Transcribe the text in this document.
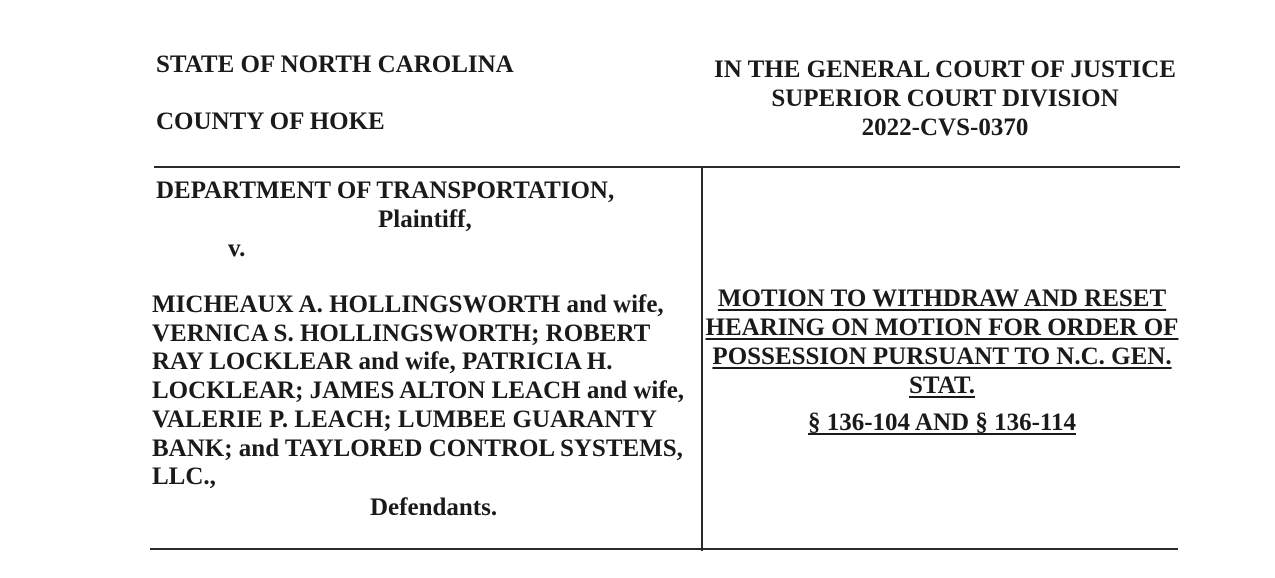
STATE OF NORTH CAROLINA
COUNTY OF HOKE
IN THE GENERAL COURT OF JUSTICE
SUPERIOR COURT DIVISION
2022-CVS-0370
DEPARTMENT OF TRANSPORTATION,
Plaintiff,
v.
MICHEAUX A. HOLLINGSWORTH and wife,
VERNICA S. HOLLINGSWORTH; ROBERT
RAY LOCKLEAR and wife, PATRICIA H.
LOCKLEAR; JAMES ALTON LEACH and wife,
VALERIE P. LEACH; LUMBEE GUARANTY
BANK; and TAYLORED CONTROL SYSTEMS,
LLC.,
Defendants.
MOTION TO WITHDRAW AND RESET
HEARING ON MOTION FOR ORDER OF
POSSESSION PURSUANT TO N.C. GEN.
STAT.
§ 136-104 AND § 136-114
